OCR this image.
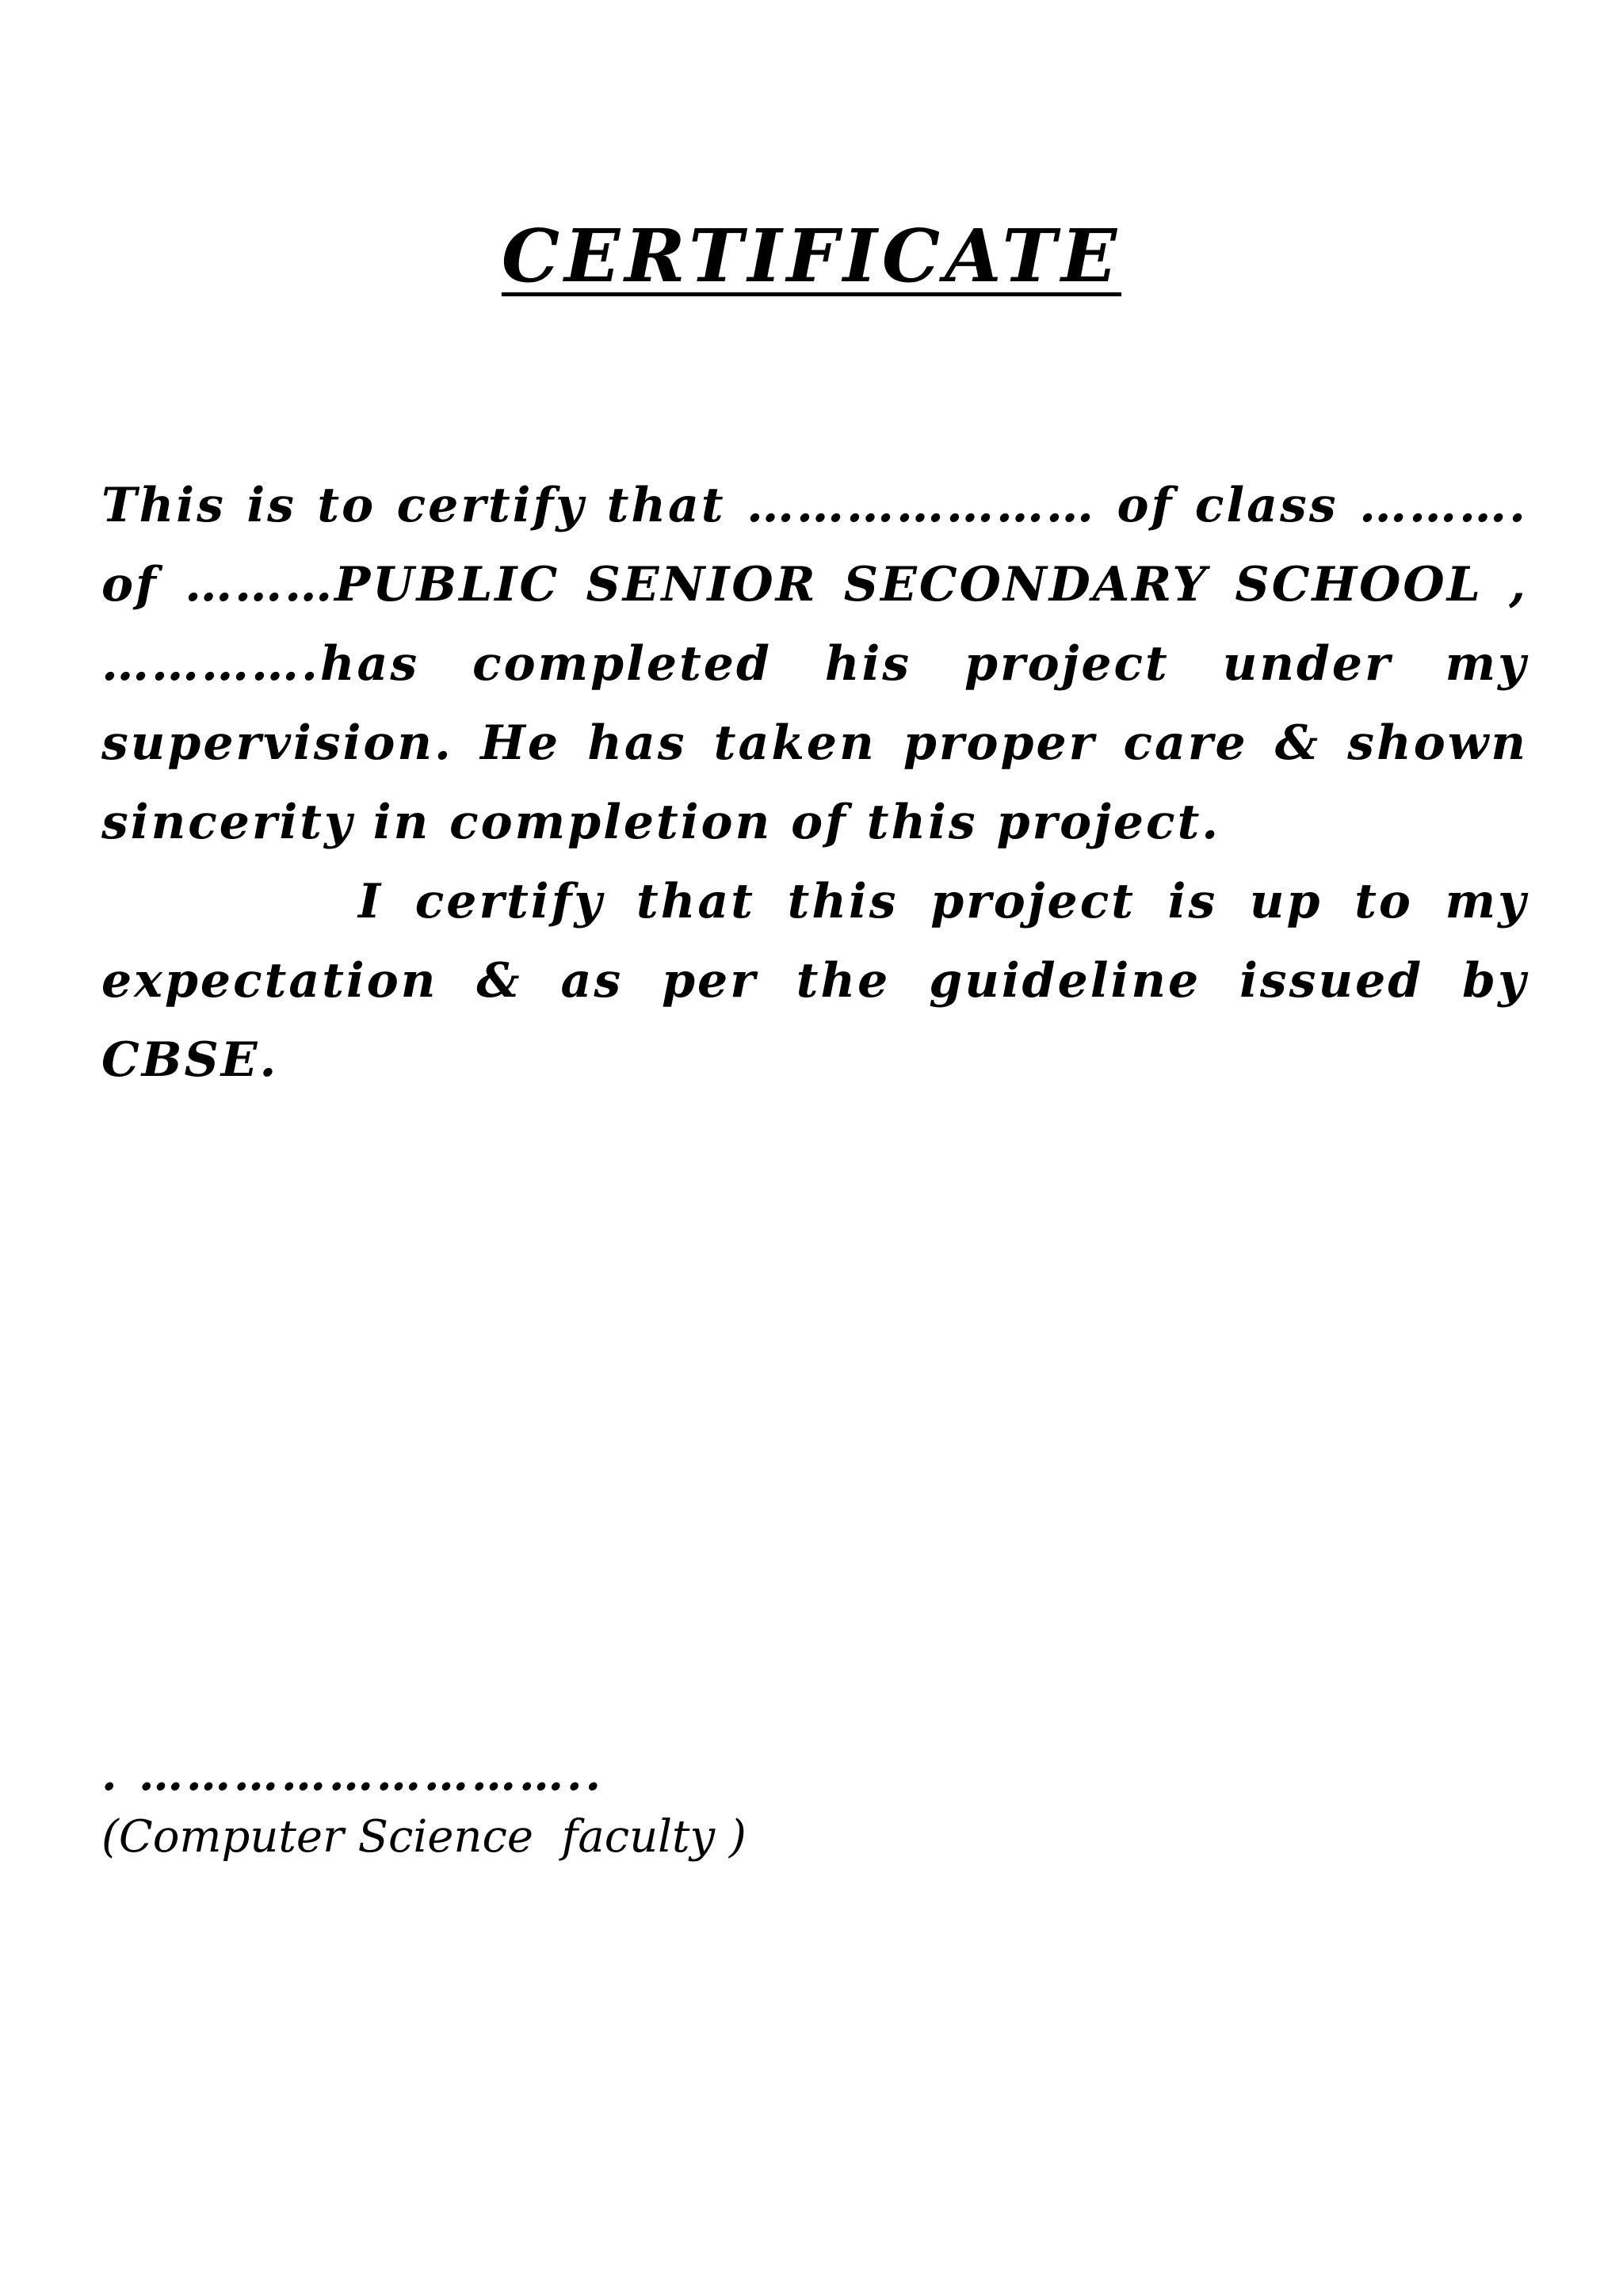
CERTIFICATE

This is to certify that ………………… of class ………. of ………PUBLIC SENIOR SECONDARY SCHOOL , ………….has completed his project under my supervision. He has taken proper care & shown sincerity in completion of this project.

I certify that this project is up to my expectation & as per the guideline issued by CBSE.

. ………………………..
(Computer Science  faculty )
